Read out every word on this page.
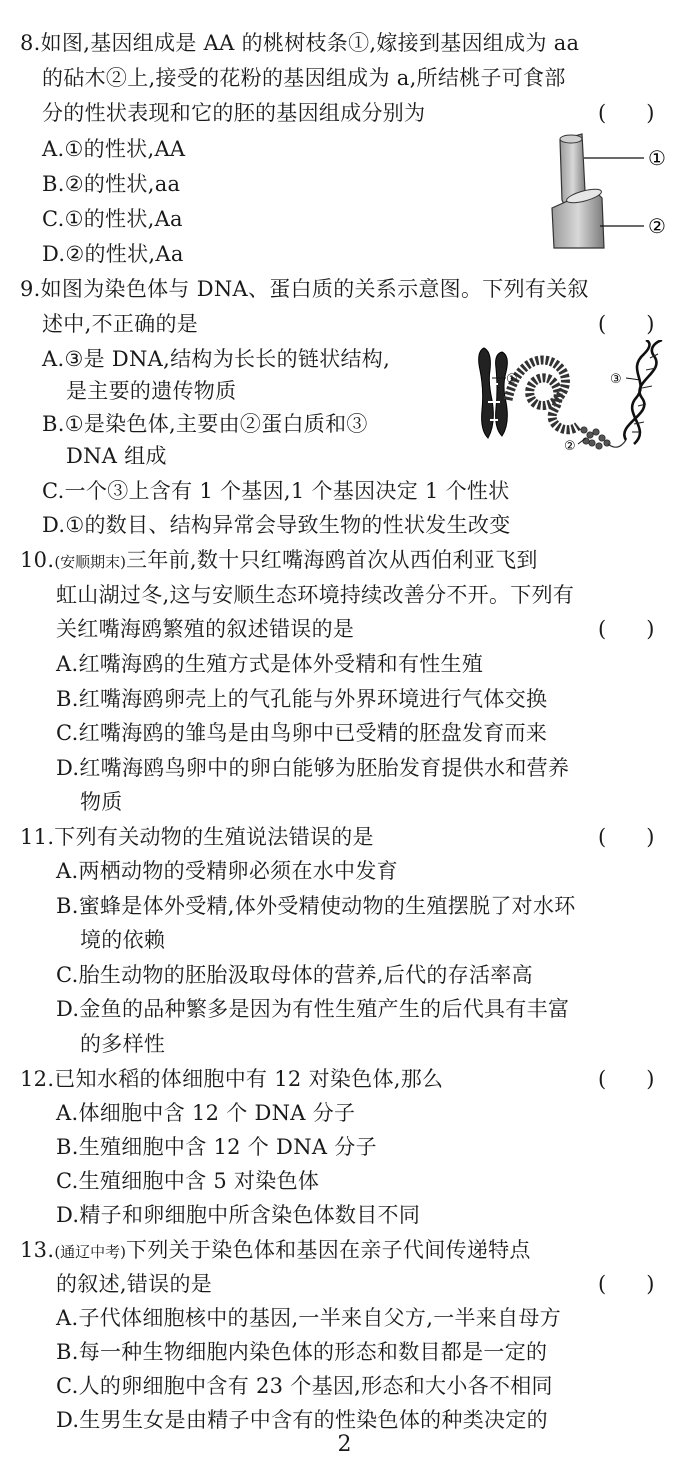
8.如图,基因组成是 AA 的桃树枝条①,嫁接到基因组成为 aa
的砧木②上,接受的花粉的基因组成为 a,所结桃子可食部
分的性状表现和它的胚的基因组成分别为	(      )
A.①的性状,AA
B.②的性状,aa
C.①的性状,Aa
D.②的性状,Aa
①
②
9.如图为染色体与 DNA、蛋白质的关系示意图。下列有关叙
述中,不正确的是	(      )
A.③是 DNA,结构为长长的链状结构,
是主要的遗传物质
B.①是染色体,主要由②蛋白质和③
DNA 组成
C.一个③上含有 1 个基因,1 个基因决定 1 个性状
D.①的数目、结构异常会导致生物的性状发生改变
①
②
③
10.(安顺期末)三年前,数十只红嘴海鸥首次从西伯利亚飞到
虹山湖过冬,这与安顺生态环境持续改善分不开。下列有
关红嘴海鸥繁殖的叙述错误的是	(      )
A.红嘴海鸥的生殖方式是体外受精和有性生殖
B.红嘴海鸥卵壳上的气孔能与外界环境进行气体交换
C.红嘴海鸥的雏鸟是由鸟卵中已受精的胚盘发育而来
D.红嘴海鸥鸟卵中的卵白能够为胚胎发育提供水和营养
物质
11.下列有关动物的生殖说法错误的是	(      )
A.两栖动物的受精卵必须在水中发育
B.蜜蜂是体外受精,体外受精使动物的生殖摆脱了对水环
境的依赖
C.胎生动物的胚胎汲取母体的营养,后代的存活率高
D.金鱼的品种繁多是因为有性生殖产生的后代具有丰富
的多样性
12.已知水稻的体细胞中有 12 对染色体,那么	(      )
A.体细胞中含 12 个 DNA 分子
B.生殖细胞中含 12 个 DNA 分子
C.生殖细胞中含 5 对染色体
D.精子和卵细胞中所含染色体数目不同
13.(通辽中考)下列关于染色体和基因在亲子代间传递特点
的叙述,错误的是	(      )
A.子代体细胞核中的基因,一半来自父方,一半来自母方
B.每一种生物细胞内染色体的形态和数目都是一定的
C.人的卵细胞中含有 23 个基因,形态和大小各不相同
D.生男生女是由精子中含有的性染色体的种类决定的
2
